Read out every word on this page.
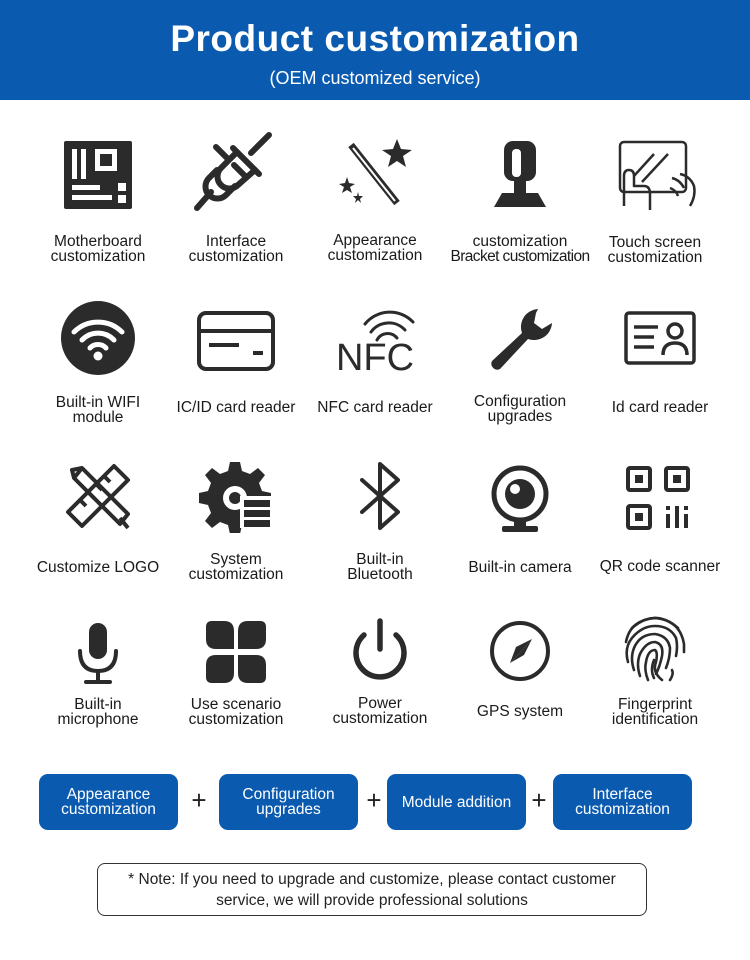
Product customization
(OEM customized service)
Motherboard
customization
Interface
customization
Appearance
customization
customization
Bracket customization
Touch screen
customization
Built-in WIFI
module
IC/ID card reader
NFC
NFC card reader	Configuration
upgrades
Id card reader
Customize LOGO	System
customization
Built-in
Bluetooth	Built-in camera	QR code scanner
Built-in
microphone
Use scenario
customization
Power
customization	GPS system	Fingerprint
identification
Appearance
customization + Configuration
upgrades	+ Module addition +	Interface
customization
* Note: If you need to upgrade and customize, please contact customer service, we will provide professional solutions
